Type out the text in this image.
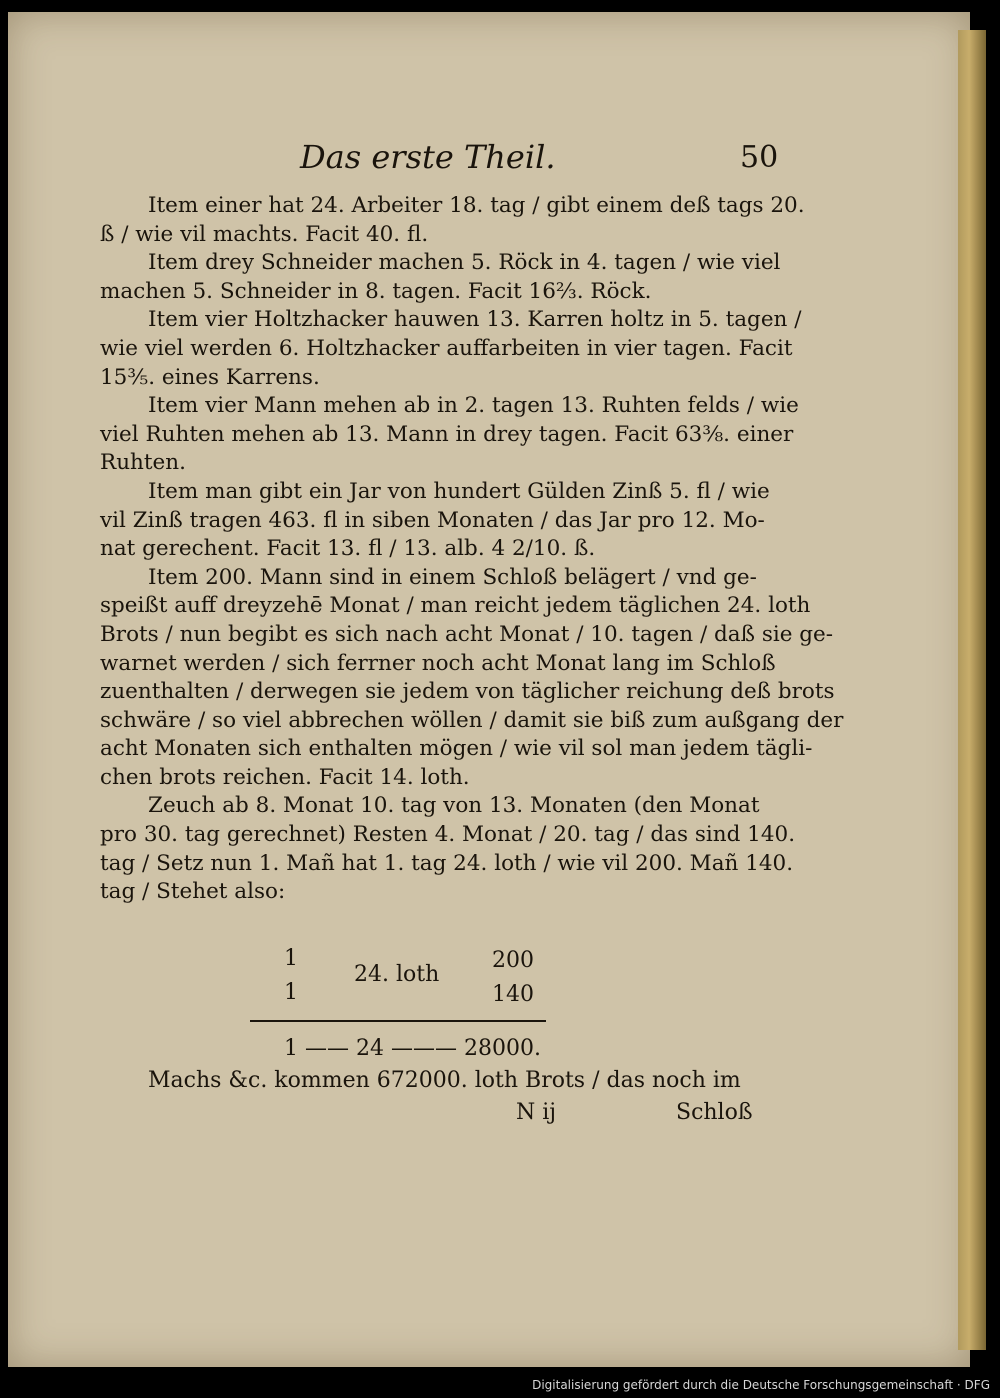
Das erste Theil.	50
Item einer hat 24. Arbeiter 18. tag / gibt einem deß tags 20.
ß / wie vil machts. Facit 40. fl.
Item drey Schneider machen 5. Röck in 4. tagen / wie viel
machen 5. Schneider in 8. tagen. Facit 16⅔. Röck.
Item vier Holtzhacker hauwen 13. Karren holtz in 5. tagen /
wie viel werden 6. Holtzhacker auffarbeiten in vier tagen. Facit
15⅗. eines Karrens.
Item vier Mann mehen ab in 2. tagen 13. Ruhten felds / wie
viel Ruhten mehen ab 13. Mann in drey tagen. Facit 63⅜. einer
Ruhten.
Item man gibt ein Jar von hundert Gülden Zinß 5. fl / wie
vil Zinß tragen 463. fl in siben Monaten / das Jar pro 12. Mo-
nat gerechent. Facit 13. fl / 13. alb. 4 2/10. ß.
Item 200. Mann sind in einem Schloß belägert / vnd ge-
speißt auff dreyzehē Monat / man reicht jedem täglichen 24. loth
Brots / nun begibt es sich nach acht Monat / 10. tagen / daß sie ge-
warnet werden / sich ferrner noch acht Monat lang im Schloß
zuenthalten / derwegen sie jedem von täglicher reichung deß brots
schwäre / so viel abbrechen wöllen / damit sie biß zum außgang der
acht Monaten sich enthalten mögen / wie vil sol man jedem tägli-
chen brots reichen. Facit 14. loth.
Zeuch ab 8. Monat 10. tag von 13. Monaten (den Monat
pro 30. tag gerechnet) Resten 4. Monat / 20. tag / das sind 140.
tag / Setz nun 1. Mañ hat 1. tag 24. loth / wie vil 200. Mañ 140.
tag / Stehet also:
1
1
24. loth
200
140
1 —— 24 ——— 28000.
Machs &c. kommen 672000. loth Brots / das noch im
N ij	Schloß
Digitalisierung gefördert durch die Deutsche Forschungsgemeinschaft · DFG
